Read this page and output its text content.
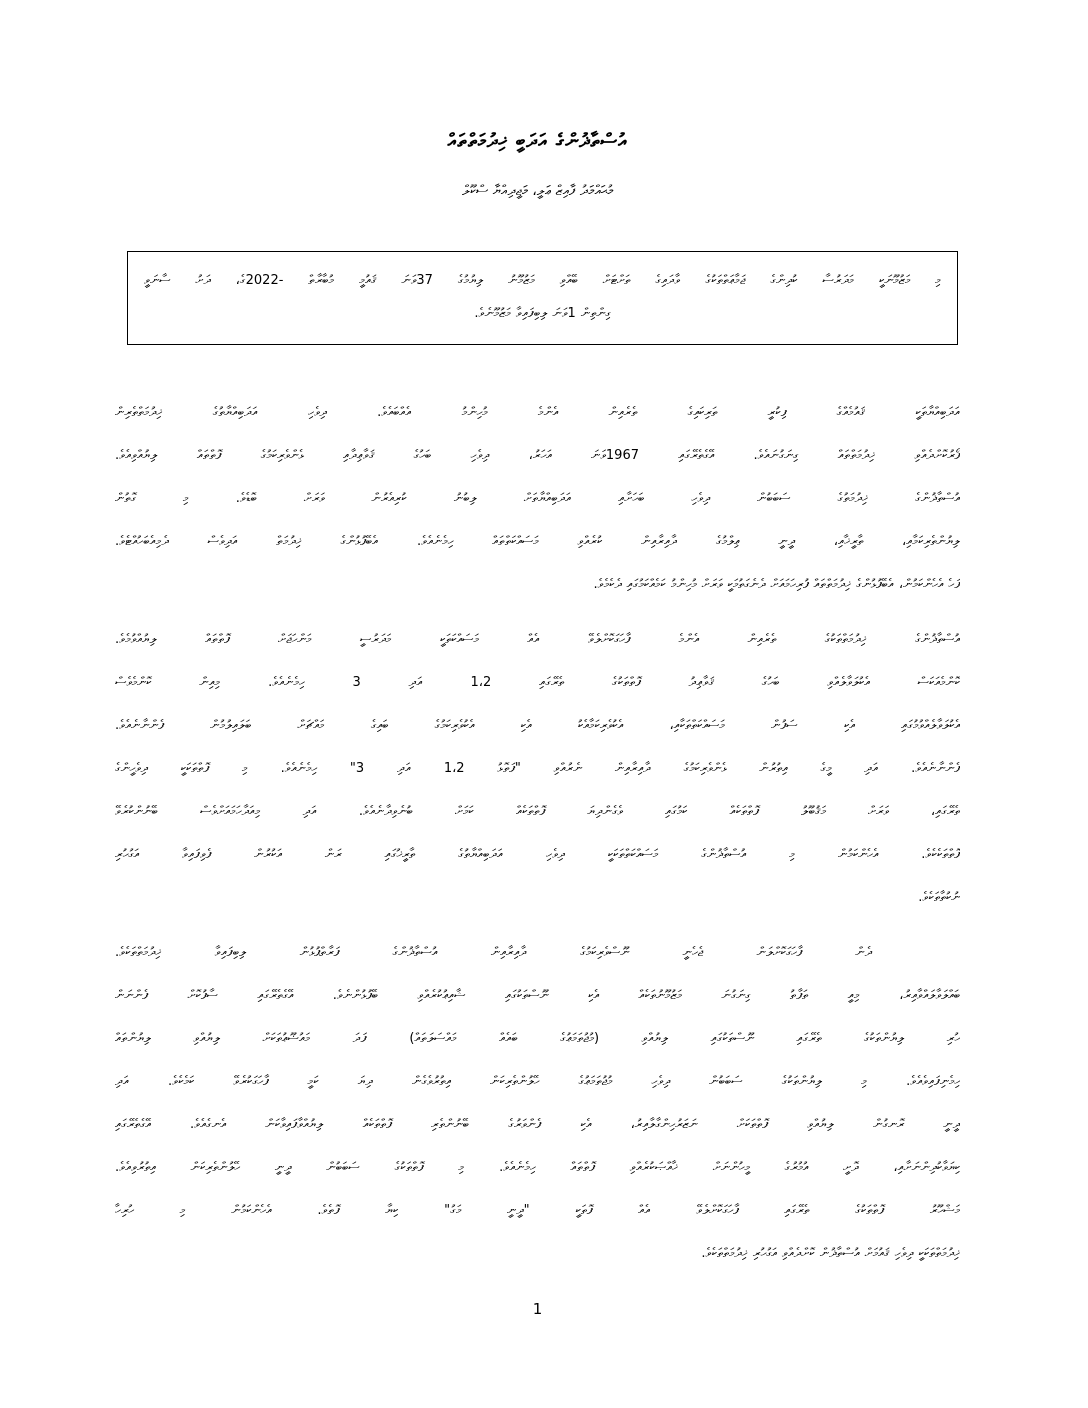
އުސްތާޛުންގެ އަދަބީ ޚިދުމަތްތައް
މުޙައްމަދު ފާއިޒް ޢަލީ، މަޖީދިއްޔާ ސްކޫލް
މި މަޒުމޫނަކީ މަދަރުސާ ކުދިންގެ ޖަމާޢަތްތަކުގެ ވާދައިގެ ތަށްޓަށް ބޭއްވި މަޒުމޫނު ލިޔުމުގެ 37ވަނަ ޤައުމީ މުބާރާތް -2022ގެ، ދަށު ސާނަވީ
ގިންތިން 1ވަނަ ލިބިފައިވާ މަޒުމޫނެވެ.
އަދަބިއްޔާތަކީ ޤައުމެއްގެ ފިކުރީ ތަރިކައިގެ ތެރެއިން އެންމެ މުހިންމު އެއްބައެވެ. ދިވެހި އަދަބިއްޔާތުގެ ޚިދުމަތްތެރިން
ފޯރުކޮށްދެއްވި ޚިދުމަތްތައް ގިނަގުނައެވެ. އޭގެތެރޭގައި 1967ވަނަ އަހަރު، ދިވެހި ބަހުގެ ޤަވާޢިދާއި ޅެންވެރިކަމުގެ ފޮތްތައް ލިޔުއްވިއެވެ.
އުސްތާޛުންގެ ޚިދުމަތުގެ ސަބަބުން ދިވެހި ބަހަށާއި އަދަބިއްޔާތަށް ލިބުނު ކުރިއެރުން ވަރަށް ބޮޑެވެ. މި ގޮތުން
ލިޔުންތެރިކަމާއި، ތާރީޚާއި، ދީނީ ޢިލްމުގެ ދާއިރާއިން ކުރެއްވި މަސައްކަތްތައް ހިމެނެއެވެ. އެބޭފުޅުންގެ ޚިދުމަތް އަދިވެސް ދެމިއެބަހުއްޓެވެ.
ފަހެ އެހެންކަމުން، އެބޭފުޅުންގެ ޚިދުމަތްތައް ފުރިހަމައަށް ދެނެގަތުމަކީ ވަރަށް މުހިންމު ކަމެއްކަމުގައި ދެކެމެވެ.
އުސްތާޛުންގެ ޚިދުމަތްތަކުގެ ތެރެއިން އެންމެ ފާހަގަކޮށްލެވޭ އެއް މަސައްކަތަކީ މަދަރުސީ މަންހަޖަށް ފޮތްތައް ލިޔުއްވުމެވެ.
ކޮންމެއަކަސް އެކުލަވާލެއްވި ބަހުގެ ޤަވާޢިދު ފޮތްތަކުގެ ތެރޭގައި 1،2 އަދި 3 ހިމެނެއެވެ. މިއިން ކޮންމެވެސް
އެކުލަވާލެއްވުމުގައި އެކި ސަފުން މަސައްކަތްތަކާއި، އެކުވެރިކަމާއެކު އެކި އެކުވެރިކަމުގެ ބައިގެ މައްޗަށް ބަލައިލުމުން ފެންނާނެއެވެ.
ފެންނާނެއެވެ. އަދި މީގެ އިތުރުން ޅެންވެރިކަމުގެ ދާއިރާއިން ނެރުއްވި "ފަތޮޅު 1،2 އަދި 3" ހިމެނެއެވެ. މި ފޮތްތަކަކީ ދިވެހީންގެ
ތެރޭގައި، ވަރަށް މަޤުބޫލު ފޮތްތަކެއް ކަމުގައި ވެގެންދިޔަ ފޮތްތަކެއް ކަމަށް ބުނެވިދާނެއެވެ. އަދި މިއަދާހަމައަށްވެސް ބޭނުންކުރެވޭ
ފޮތްތަކެކެވެ. އެހެންކަމުން މި އުސްތާޛުންގެ މަސައްކަތްތަކަކީ ދިވެހި އަދަބިއްޔާތުގެ ތާރީޚުގައި ރަން އަކުރުން ފެވިފައިވާ އަގުހުރި
ނުކުތާތަކެވެ.
ދެން ފާހަގަކޮށްލަން ޖެހެނީ ނޫސްވެރިކަމުގެ ދާއިރާއިން އުސްތާޛުންގެ ފަރާތްޕުޅުން ލިބިފައިވާ ޚިދުމަތްތަކެވެ.
ބައްލަވާލައްވާއިރު، މިއީ ތަފާތު ގިނަގުނަ މަޒުމޫނުތަކެއް އެކި ނޫސްތަކުގައި ޝާއިޢުކުރެއްވި ބޭފުޅުންނެވެ. އޭގެތެރޭގައި ސާފުކޮށް ފެންނަން
ހުރި ލިޔުންތަކުގެ ތެރޭގައި ނޫސްތަކުގައި ލިޔުއްވި (މުޖުތަމަޢުގެ ބައެއް މައްސަލަތައް) ފަދަ މައުޟޫޢުތަކަށް ލިޔުއްވި ލިޔުންތައް
ހިމެނިފައިވެއެވެ. މި ލިޔުންތަކުގެ ސަބަބުން ދިވެހި މުޖުތަމަޢުގެ ހޭލުންތެރިކަން އިތުރުވެގެން ދިޔަ ކަމީ ފާހަގަކުރެވޭ ކަމެކެވެ. އަދި
ދީނީ ރޮނގުން ލިޔުއްވި ފޮތްތަކަށް ނަޒަރުހިންގާލާއިރު، އެކި ފެންވަރުގެ ބޭނުންތެރި ފޮތްތަކެއް ލިޔުއްވާފައިވާކަން އެނގެއެވެ. އޭގެތެރޭގައި
ކިޔަވާކުދިންނަށާއި، ދޮށީ އުމުރުގެ މީހުންނަށް ޚާއްޞަކުރެއްވި ފޮތްތައް ހިމެނެއެވެ. މި ފޮތްތަކުގެ ސަބަބުން ދީނީ ހޭލުންތެރިކަން އިތުރުވިއެވެ.
މަޝްހޫރު ފޮތްތަކުގެ ތެރޭގައި ފާހަގަކޮށްލެވޭ އެއް ފޮތަކީ "ދީނީ މަގު" ކިޔާ ފޮތެވެ. އެހެންކަމުން މި ހުރިހާ
ޚިދުމަތްތަކަކީ ދިވެހި ޤައުމަށް އުސްތާޛުން ކޮށްދެއްވި އަގުހުރި ޚިދުމަތްތަކެވެ.
1
